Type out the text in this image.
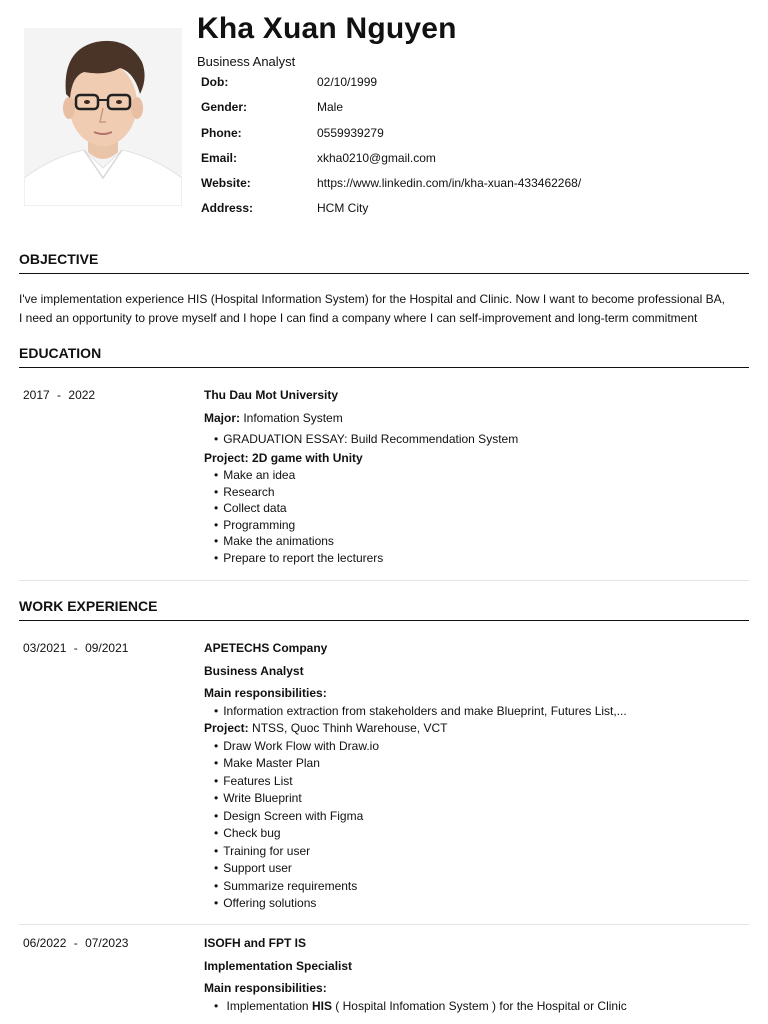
Kha Xuan Nguyen
Business Analyst
Dob:	02/10/1999
Gender:	Male
Phone:	0559939279
Email:	xkha0210@gmail.com
Website:	https://www.linkedin.com/in/kha-xuan-433462268/
Address:	HCM City
OBJECTIVE
I've implementation experience HIS (Hospital Information System) for the Hospital and Clinic. Now I want to become professional BA,
I need an opportunity to prove myself and I hope I can find a company where I can self-improvement and long-term commitment
EDUCATION
2017 - 2022	Thu Dau Mot University
Major: Infomation System
• GRADUATION ESSAY: Build Recommendation System
Project: 2D game with Unity
• Make an idea
• Research
• Collect data
• Programming
• Make the animations
• Prepare to report the lecturers
WORK EXPERIENCE
03/2021 - 09/2021	APETECHS Company
Business Analyst
Main responsibilities:
• Information extraction from stakeholders and make Blueprint, Futures List,...
Project: NTSS, Quoc Thinh Warehouse, VCT
• Draw Work Flow with Draw.io
• Make Master Plan
• Features List
• Write Blueprint
• Design Screen with Figma
• Check bug
• Training for user
• Support user
• Summarize requirements
• Offering solutions
06/2022 - 07/2023	ISOFH and FPT IS
Implementation Specialist
Main responsibilities:
• Implementation HIS ( Hospital Infomation System ) for the Hospital or Clinic
